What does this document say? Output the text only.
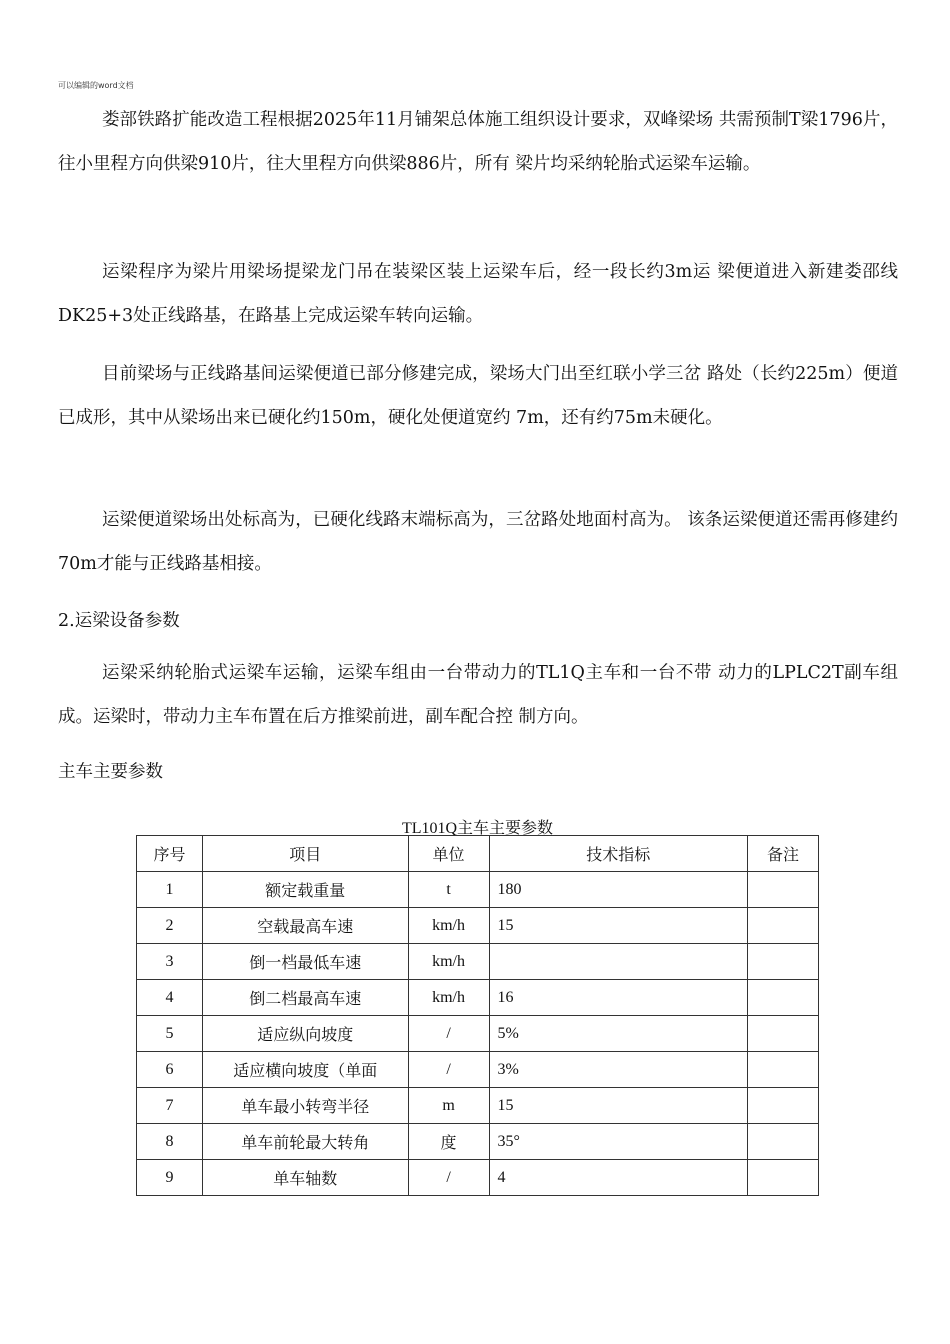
可以编辑的word文档

娄部铁路扩能改造工程根据2025年11月铺架总体施工组织设计要求，双峰梁场 共需预制T梁1796片，往小里程方向供梁910片，往大里程方向供梁886片，所有 梁片均采纳轮胎式运梁车运输。

运梁程序为梁片用梁场提梁龙门吊在装梁区装上运梁车后，经一段长约3m运 梁便道进入新建娄邵线DK25+3处正线路基，在路基上完成运梁车转向运输。

目前梁场与正线路基间运梁便道已部分修建完成，梁场大门出至红联小学三岔 路处（长约225m）便道已成形，其中从梁场出来已硬化约150m，硬化处便道宽约 7m，还有约75m未硬化。

运梁便道梁场出处标高为，已硬化线路末端标高为，三岔路处地面村高为。 该条运梁便道还需再修建约70m才能与正线路基相接。

2.运梁设备参数

运梁采纳轮胎式运梁车运输，运梁车组由一台带动力的TL1Q主车和一台不带 动力的LPLC2T副车组成。运梁时，带动力主车布置在后方推梁前进，副车配合控 制方向。

主车主要参数
TL101Q主车主要参数
序号	项目	单位	技术指标	备注
1	额定载重量	t	180	
2	空载最高车速	km/h	15	
3	倒一档最低车速	km/h		
4	倒二档最高车速	km/h	16	
5	适应纵向坡度	/	5%	
6	适应横向坡度（单面	/	3%	
7	单车最小转弯半径	m	15	
8	单车前轮最大转角	度	35°	
9	单车轴数	/	4	
